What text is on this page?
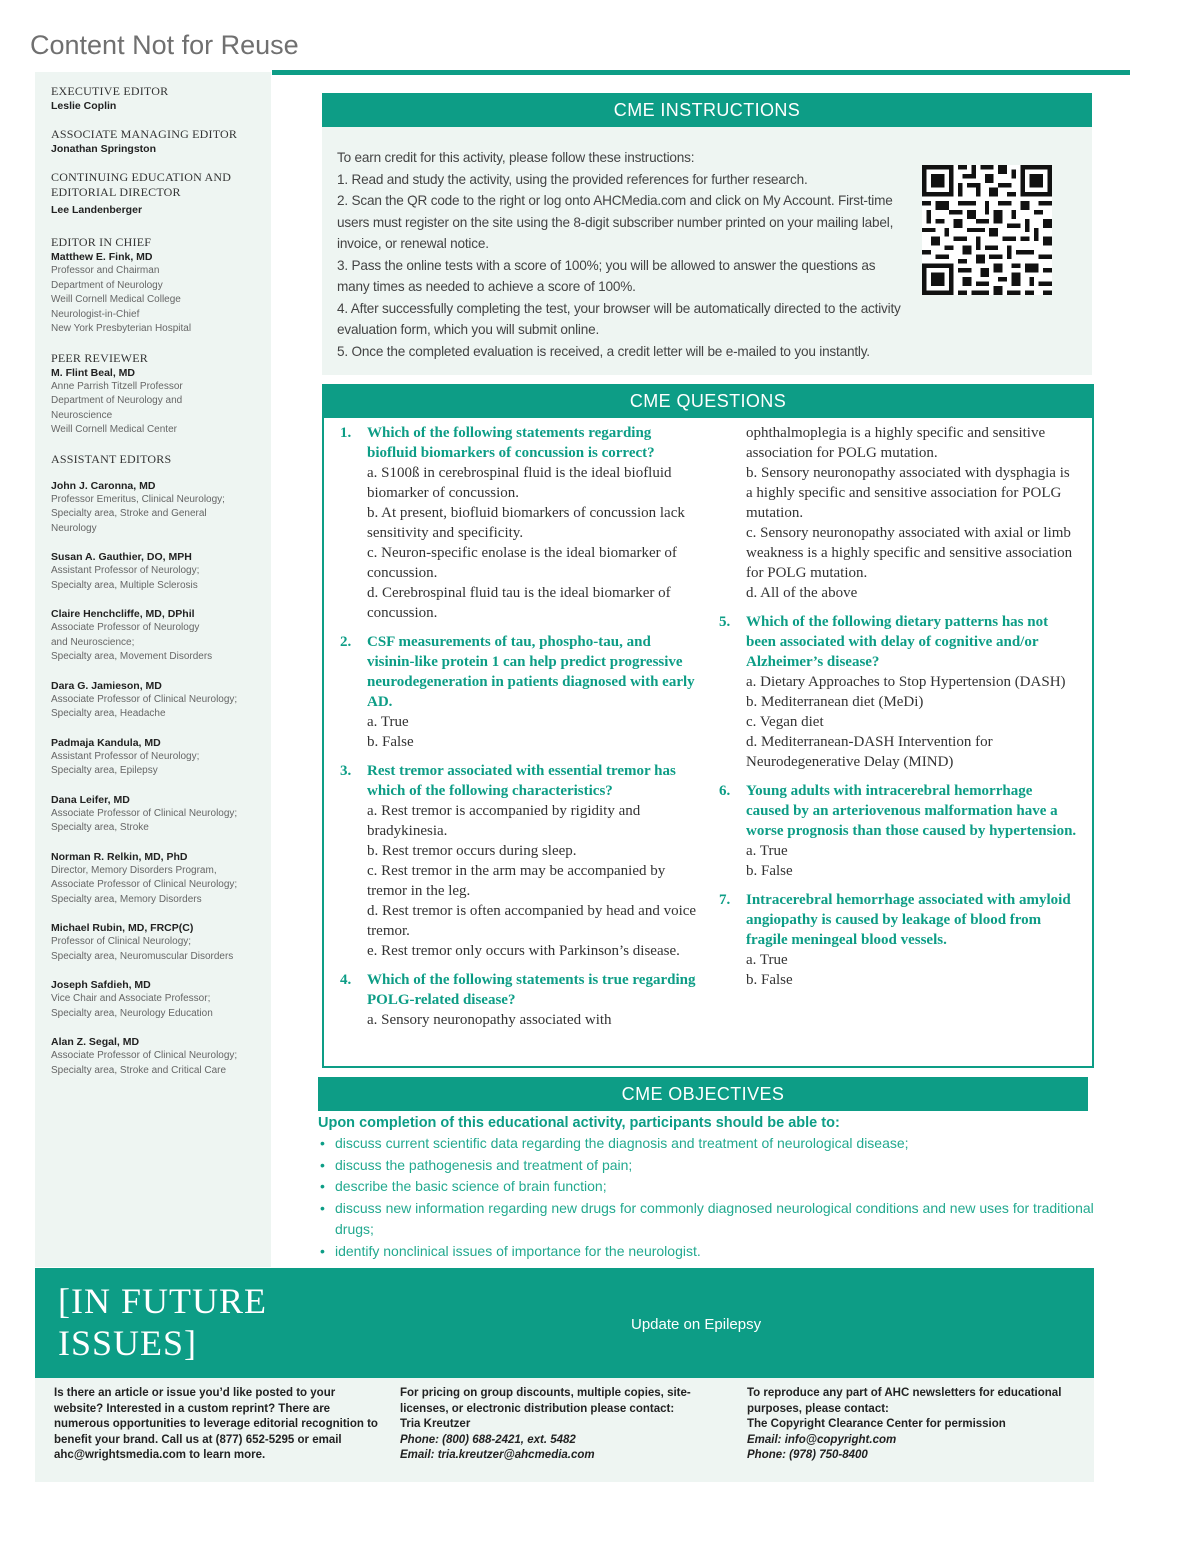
Content Not for Reuse
EXECUTIVE EDITOR
Leslie Coplin
ASSOCIATE MANAGING EDITOR
Jonathan Springston
CONTINUING EDUCATION AND EDITORIAL DIRECTOR
Lee Landenberger
EDITOR IN CHIEF
Matthew E. Fink, MD
Professor and Chairman
Department of Neurology
Weill Cornell Medical College
Neurologist-in-Chief
New York Presbyterian Hospital
PEER REVIEWER
M. Flint Beal, MD
Anne Parrish Titzell Professor
Department of Neurology and
Neuroscience
Weill Cornell Medical Center
ASSISTANT EDITORS
John J. Caronna, MD
Professor Emeritus, Clinical Neurology;
Specialty area, Stroke and General
Neurology
Susan A. Gauthier, DO, MPH
Assistant Professor of Neurology;
Specialty area, Multiple Sclerosis
Claire Henchcliffe, MD, DPhil
Associate Professor of Neurology
and Neuroscience;
Specialty area, Movement Disorders
Dara G. Jamieson, MD
Associate Professor of Clinical Neurology;
Specialty area, Headache
Padmaja Kandula, MD
Assistant Professor of Neurology;
Specialty area, Epilepsy
Dana Leifer, MD
Associate Professor of Clinical Neurology;
Specialty area, Stroke
Norman R. Relkin, MD, PhD
Director, Memory Disorders Program,
Associate Professor of Clinical Neurology;
Specialty area, Memory Disorders
Michael Rubin, MD, FRCP(C)
Professor of Clinical Neurology;
Specialty area, Neuromuscular Disorders
Joseph Safdieh, MD
Vice Chair and Associate Professor;
Specialty area, Neurology Education
Alan Z. Segal, MD
Associate Professor of Clinical Neurology;
Specialty area, Stroke and Critical Care
CME INSTRUCTIONS
To earn credit for this activity, please follow these instructions:
1. Read and study the activity, using the provided references for further research.
2. Scan the QR code to the right or log onto AHCMedia.com and click on My Account. First-time users must register on the site using the 8-digit subscriber number printed on your mailing label, invoice, or renewal notice.
3. Pass the online tests with a score of 100%; you will be allowed to answer the questions as many times as needed to achieve a score of 100%.
4. After successfully completing the test, your browser will be automatically directed to the activity evaluation form, which you will submit online.
5. Once the completed evaluation is received, a credit letter will be e-mailed to you instantly.
CME QUESTIONS
1.	Which of the following statements regarding biofluid biomarkers of concussion is correct?
a. S100ß in cerebrospinal fluid is the ideal biofluid biomarker of concussion.
b. At present, biofluid biomarkers of concussion lack sensitivity and specificity.
c. Neuron-specific enolase is the ideal biomarker of concussion.
d. Cerebrospinal fluid tau is the ideal biomarker of concussion.
2.	CSF measurements of tau, phospho-tau, and visinin-like protein 1 can help predict progressive neurodegeneration in patients diagnosed with early AD.
a. True
b. False
3.	Rest tremor associated with essential tremor has which of the following characteristics?
a. Rest tremor is accompanied by rigidity and bradykinesia.
b. Rest tremor occurs during sleep.
c. Rest tremor in the arm may be accompanied by tremor in the leg.
d. Rest tremor is often accompanied by head and voice tremor.
e. Rest tremor only occurs with Parkinson’s disease.
4.	Which of the following statements is true regarding POLG-related disease?
a. Sensory neuronopathy associated with
ophthalmoplegia is a highly specific and sensitive association for POLG mutation.
b. Sensory neuronopathy associated with dysphagia is a highly specific and sensitive association for POLG mutation.
c. Sensory neuronopathy associated with axial or limb weakness is a highly specific and sensitive association for POLG mutation.
d. All of the above
5.	Which of the following dietary patterns has not been associated with delay of cognitive and/or Alzheimer’s disease?
a. Dietary Approaches to Stop Hypertension (DASH)
b. Mediterranean diet (MeDi)
c. Vegan diet
d. Mediterranean-DASH Intervention for Neurodegenerative Delay (MIND)
6.	Young adults with intracerebral hemorrhage caused by an arteriovenous malformation have a worse prognosis than those caused by hypertension.
a. True
b. False
7.	Intracerebral hemorrhage associated with amyloid angiopathy is caused by leakage of blood from fragile meningeal blood vessels.
a. True
b. False
CME OBJECTIVES
Upon completion of this educational activity, participants should be able to:
• discuss current scientific data regarding the diagnosis and treatment of neurological disease;
• discuss the pathogenesis and treatment of pain;
• describe the basic science of brain function;
• discuss new information regarding new drugs for commonly diagnosed neurological conditions and new uses for traditional drugs;
• identify nonclinical issues of importance for the neurologist.
[IN FUTURE
ISSUES]	Update on Epilepsy
Is there an article or issue you’d like posted to your website? Interested in a custom reprint? There are numerous opportunities to leverage editorial recognition to benefit your brand. Call us at (877) 652-5295 or email ahc@wrightsmedia.com to learn more.
For pricing on group discounts, multiple copies, site-licenses, or electronic distribution please contact:
Tria Kreutzer
Phone: (800) 688-2421, ext. 5482
Email: tria.kreutzer@ahcmedia.com
To reproduce any part of AHC newsletters for educational purposes, please contact:
The Copyright Clearance Center for permission
Email: info@copyright.com
Phone: (978) 750-8400
